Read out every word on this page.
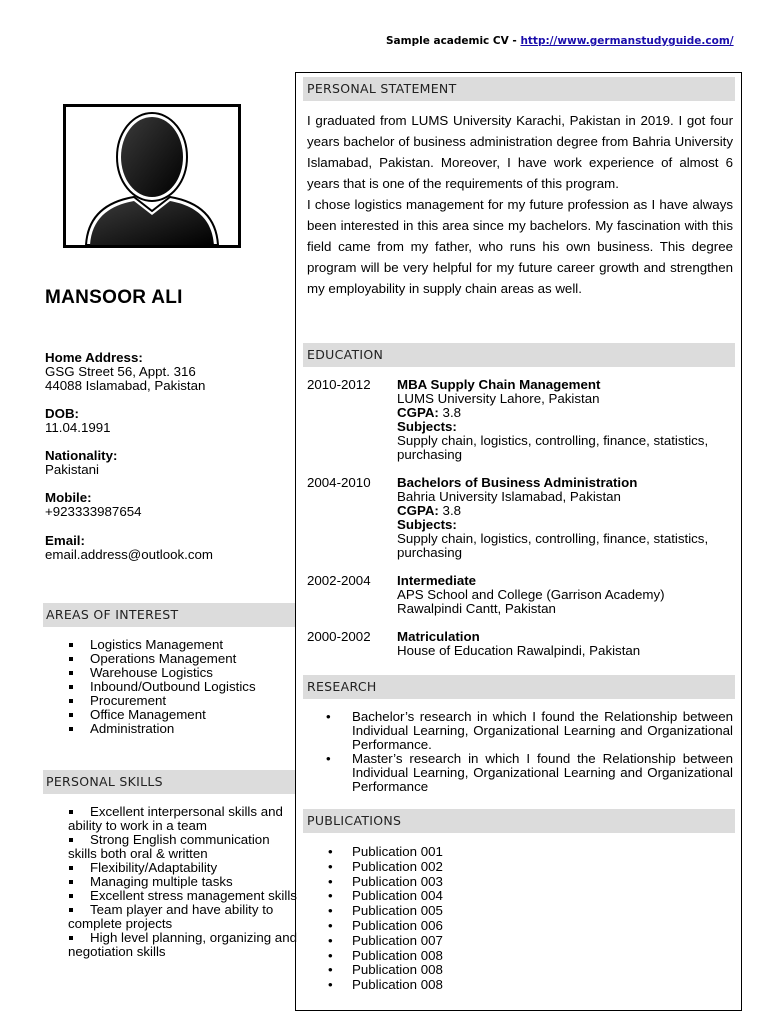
Sample academic CV - http://www.germanstudyguide.com/
PERSONAL STATEMENT

I graduated from LUMS University Karachi, Pakistan in 2019. I got four years bachelor of business administration degree from Bahria University Islamabad, Pakistan. Moreover, I have work experience of almost 6 years that is one of the requirements of this program.

I chose logistics management for my future profession as I have always been interested in this area since my bachelors. My fascination with this field came from my father, who runs his own business. This degree program will be very helpful for my future career growth and strengthen my employability in supply chain areas as well.

EDUCATION
2010-2012	MBA Supply Chain Management
LUMS University Lahore, Pakistan
CGPA: 3.8
Subjects:
Supply chain, logistics, controlling, finance, statistics, purchasing
2004-2010	Bachelors of Business Administration
Bahria University Islamabad, Pakistan
CGPA: 3.8
Subjects:
Supply chain, logistics, controlling, finance, statistics, purchasing
2002-2004	Intermediate
APS School and College (Garrison Academy)
Rawalpindi Cantt, Pakistan
2000-2002	Matriculation
House of Education Rawalpindi, Pakistan
RESEARCH
• Bachelor’s research in which I found the Relationship between Individual Learning, Organizational Learning and Organizational Performance.
• Master’s research in which I found the Relationship between Individual Learning, Organizational Learning and Organizational Performance
PUBLICATIONS
• Publication 001
• Publication 002
• Publication 003
• Publication 004
• Publication 005
• Publication 006
• Publication 007
• Publication 008
• Publication 008
• Publication 008
MANSOOR ALI
Home Address:
GSG Street 56, Appt. 316
44088 Islamabad, Pakistan
DOB:
11.04.1991
Nationality:
Pakistani
Mobile:
+923333987654
Email:
email.address@outlook.com
AREAS OF INTEREST
Logistics Management
Operations Management
Warehouse Logistics
Inbound/Outbound Logistics
Procurement
Office Management
Administration
PERSONAL SKILLS
Excellent interpersonal skills and ability to work in a team
Strong English communication skills both oral & written
Flexibility/Adaptability
Managing multiple tasks
Excellent stress management skills
Team player and have ability to complete projects
High level planning, organizing and negotiation skills
